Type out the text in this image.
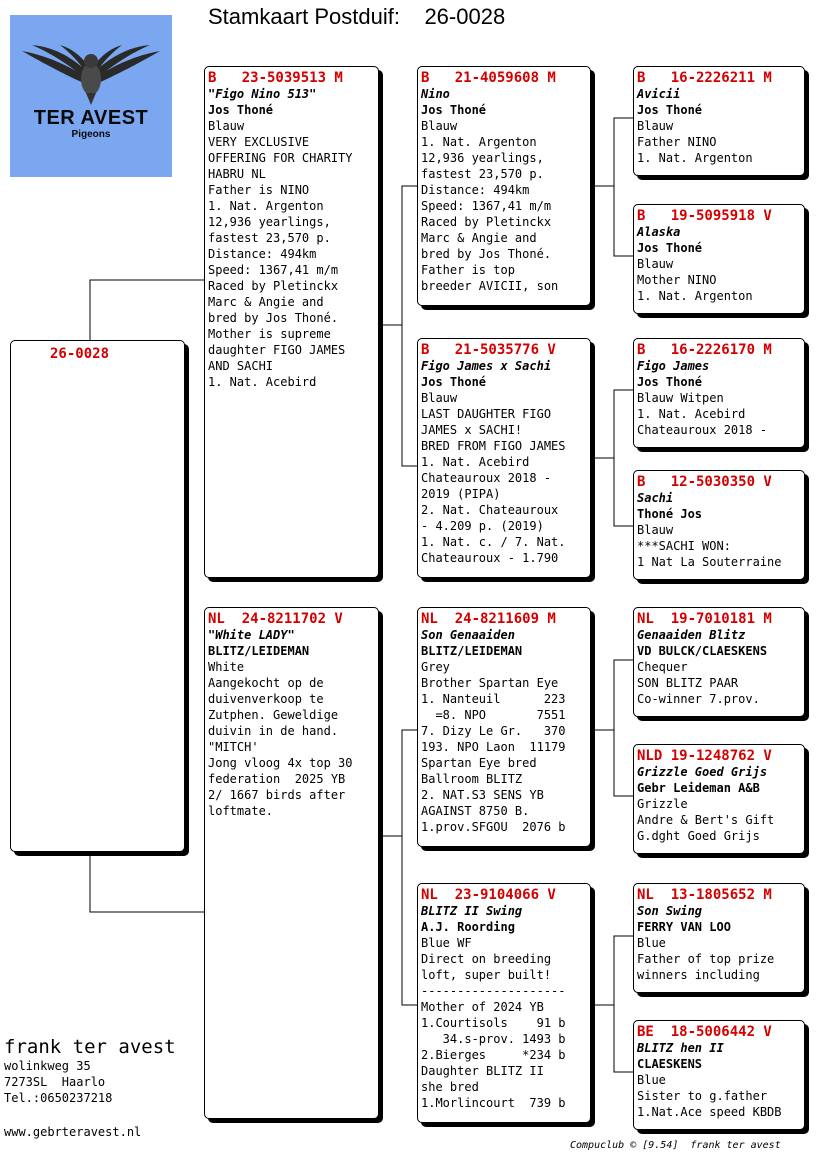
Stamkaart Postduif: 26-0028
TER AVEST
Pigeons
26-0028
B   23-5039513 M
"Figo Nino 513"
Jos Thoné
Blauw
VERY EXCLUSIVE
OFFERING FOR CHARITY
HABRU NL
Father is NINO
1. Nat. Argenton
12,936 yearlings,
fastest 23,570 p.
Distance: 494km
Speed: 1367,41 m/m
Raced by Pletinckx
Marc & Angie and
bred by Jos Thoné.
Mother is supreme
daughter FIGO JAMES
AND SACHI
1. Nat. Acebird
NL  24-8211702 V
"White LADY"
BLITZ/LEIDEMAN
White
Aangekocht op de
duivenverkoop te
Zutphen. Geweldige
duivin in de hand.
"MITCH'
Jong vloog 4x top 30
federation  2025 YB
2/ 1667 birds after
loftmate.
B   21-4059608 M
Nino
Jos Thoné
Blauw
1. Nat. Argenton
12,936 yearlings,
fastest 23,570 p.
Distance: 494km
Speed: 1367,41 m/m
Raced by Pletinckx
Marc & Angie and
bred by Jos Thoné.
Father is top
breeder AVICII, son
B   21-5035776 V
Figo James x Sachi
Jos Thoné
Blauw
LAST DAUGHTER FIGO
JAMES x SACHI!
BRED FROM FIGO JAMES
1. Nat. Acebird
Chateauroux 2018 -
2019 (PIPA)
2. Nat. Chateauroux
- 4.209 p. (2019)
1. Nat. c. / 7. Nat.
Chateauroux - 1.790
NL  24-8211609 M
Son Genaaiden
BLITZ/LEIDEMAN
Grey
Brother Spartan Eye
1. Nanteuil      223
=8. NPO       7551
7. Dizy Le Gr.   370
193. NPO Laon  11179
Spartan Eye bred
Ballroom BLITZ
2. NAT.S3 SENS YB
AGAINST 8750 B.
1.prov.SFGOU  2076 b
NL  23-9104066 V
BLITZ II Swing
A.J. Roording
Blue WF
Direct on breeding
loft, super built!
--------------------
Mother of 2024 YB
1.Courtisols    91 b
34.s-prov. 1493 b
2.Bierges     *234 b
Daughter BLITZ II
she bred
1.Morlincourt  739 b
B   16-2226211 M
Avicii
Jos Thoné
Blauw
Father NINO
1. Nat. Argenton
B   19-5095918 V
Alaska
Jos Thoné
Blauw
Mother NINO
1. Nat. Argenton
B   16-2226170 M
Figo James
Jos Thoné
Blauw Witpen
1. Nat. Acebird
Chateauroux 2018 -
B   12-5030350 V
Sachi
Thoné Jos
Blauw
***SACHI WON:
1 Nat La Souterraine
NL  19-7010181 M
Genaaiden Blitz
VD BULCK/CLAESKENS
Chequer
SON BLITZ PAAR
Co-winner 7.prov.
NLD 19-1248762 V
Grizzle Goed Grijs
Gebr Leideman A&B
Grizzle
Andre & Bert's Gift
G.dght Goed Grijs
NL  13-1805652 M
Son Swing
FERRY VAN LOO
Blue
Father of top prize
winners including
BE  18-5006442 V
BLITZ hen II
CLAESKENS
Blue
Sister to g.father
1.Nat.Ace speed KBDB
frank ter avest
wolinkweg 35
7273SL  Haarlo
Tel.:0650237218
www.gebrteravest.nl
Compuclub © [9.54]  frank ter avest
